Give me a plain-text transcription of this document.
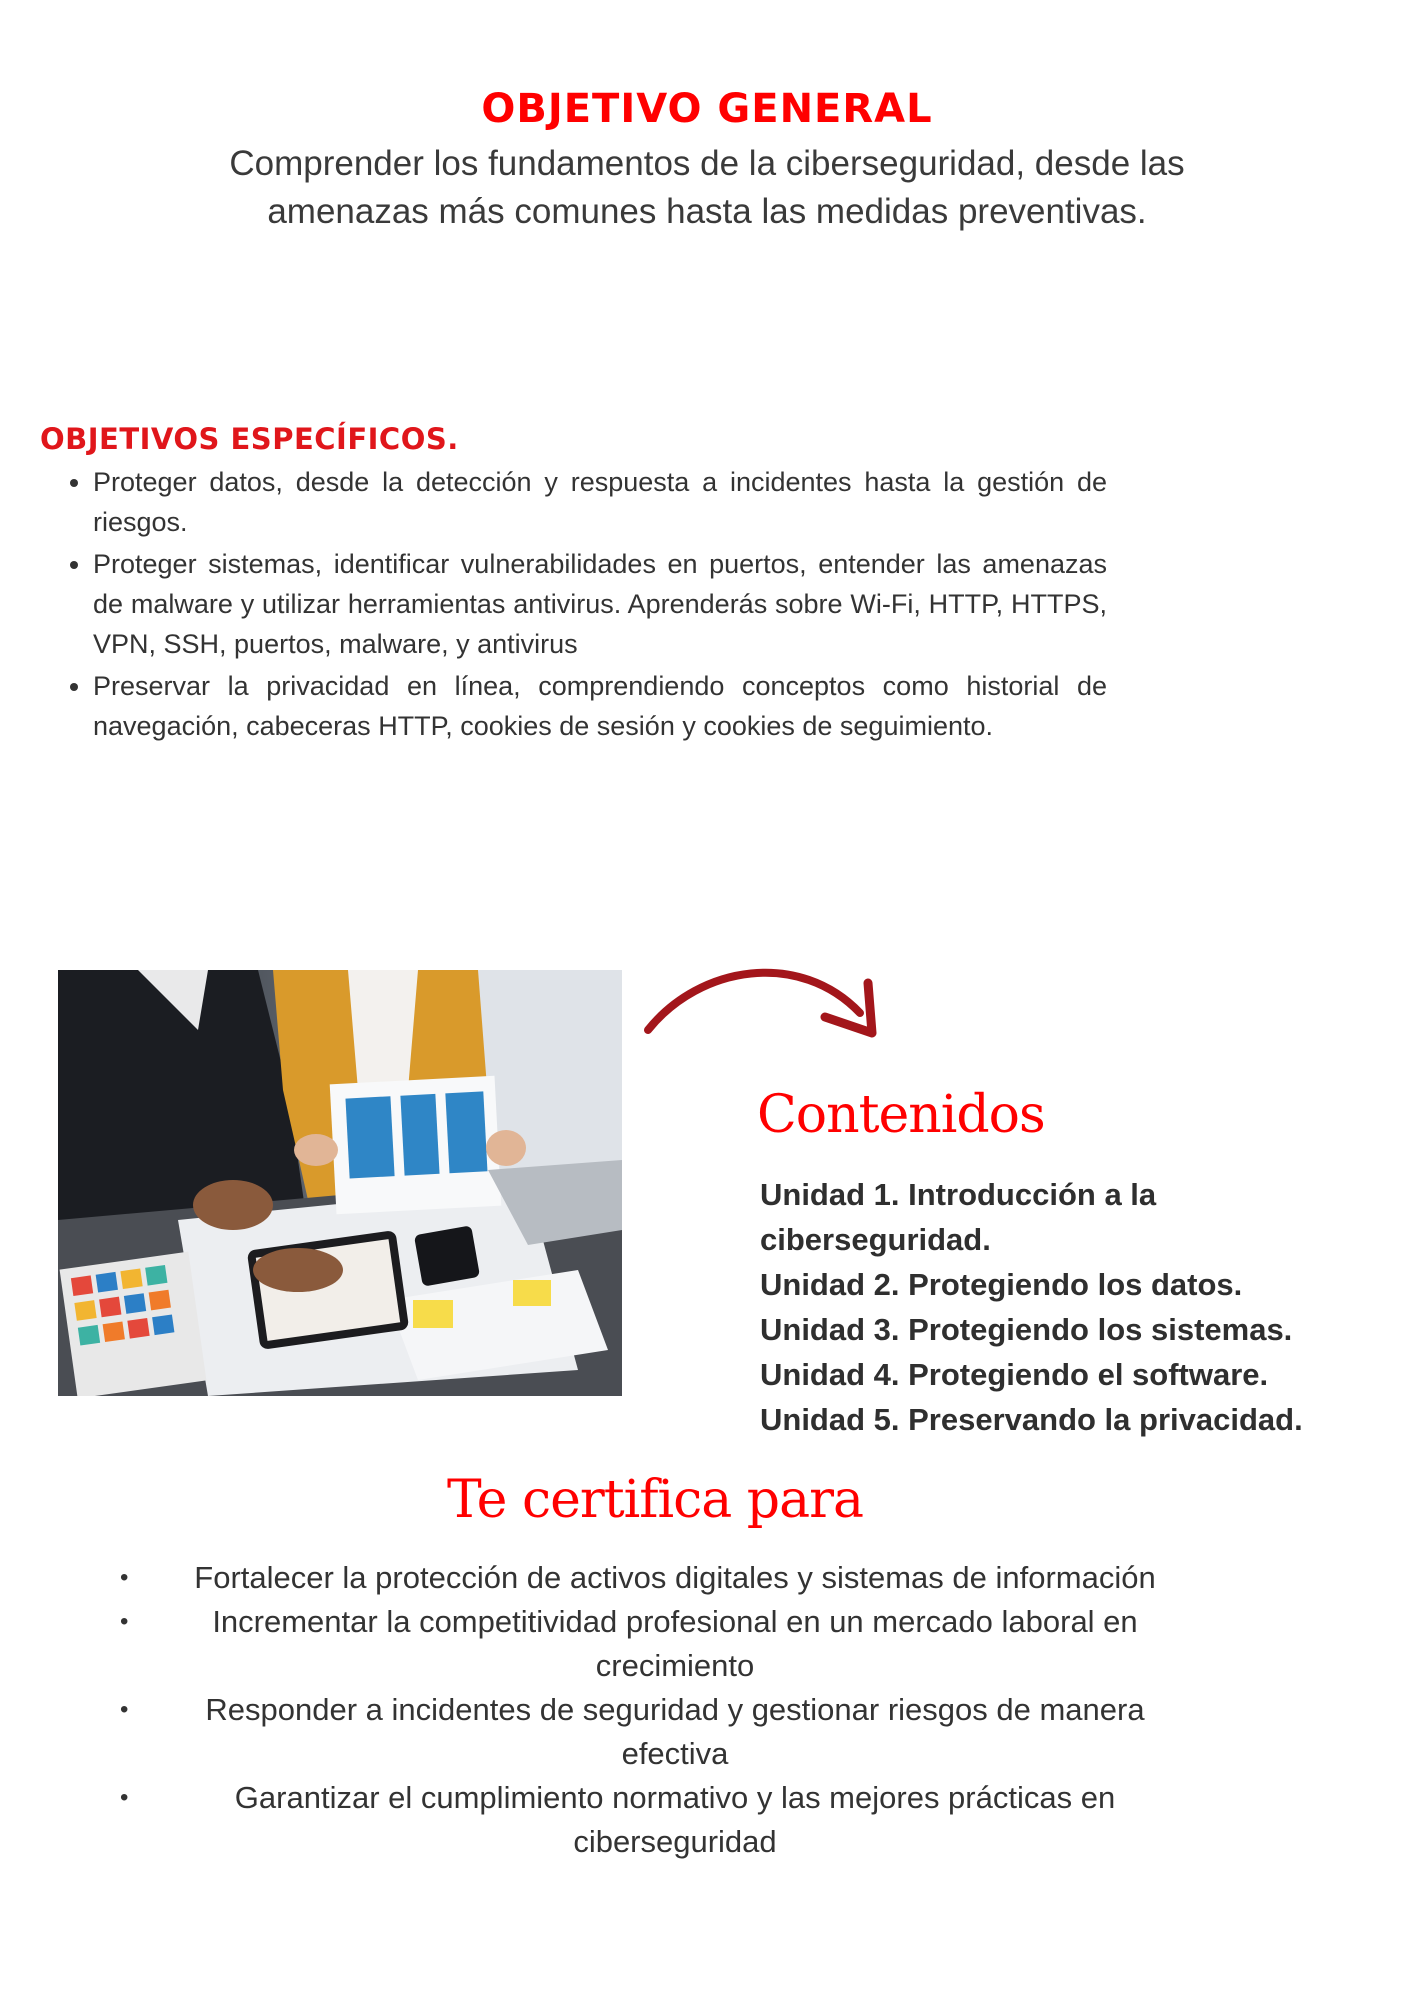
OBJETIVO GENERAL
Comprender los fundamentos de la ciberseguridad, desde las amenazas más comunes hasta las medidas preventivas.
OBJETIVOS ESPECÍFICOS.
• Proteger datos, desde la detección y respuesta a incidentes hasta la gestión de riesgos.
• Proteger sistemas, identificar vulnerabilidades en puertos, entender las amenazas de malware y utilizar herramientas antivirus. Aprenderás sobre Wi-Fi, HTTP, HTTPS, VPN, SSH, puertos, malware, y antivirus
• Preservar la privacidad en línea, comprendiendo conceptos como historial de navegación, cabeceras HTTP, cookies de sesión y cookies de seguimiento.
Contenidos
Unidad 1. Introducción a la ciberseguridad.
Unidad 2. Protegiendo los datos.
Unidad 3. Protegiendo los sistemas.
Unidad 4. Protegiendo el software.
Unidad 5. Preservando la privacidad.
Te certifica para
• Fortalecer la protección de activos digitales y sistemas de información
•	Incrementar la competitividad profesional en un mercado laboral en crecimiento
• Responder a incidentes de seguridad y gestionar riesgos de manera efectiva
•	Garantizar el cumplimiento normativo y las mejores prácticas en ciberseguridad
